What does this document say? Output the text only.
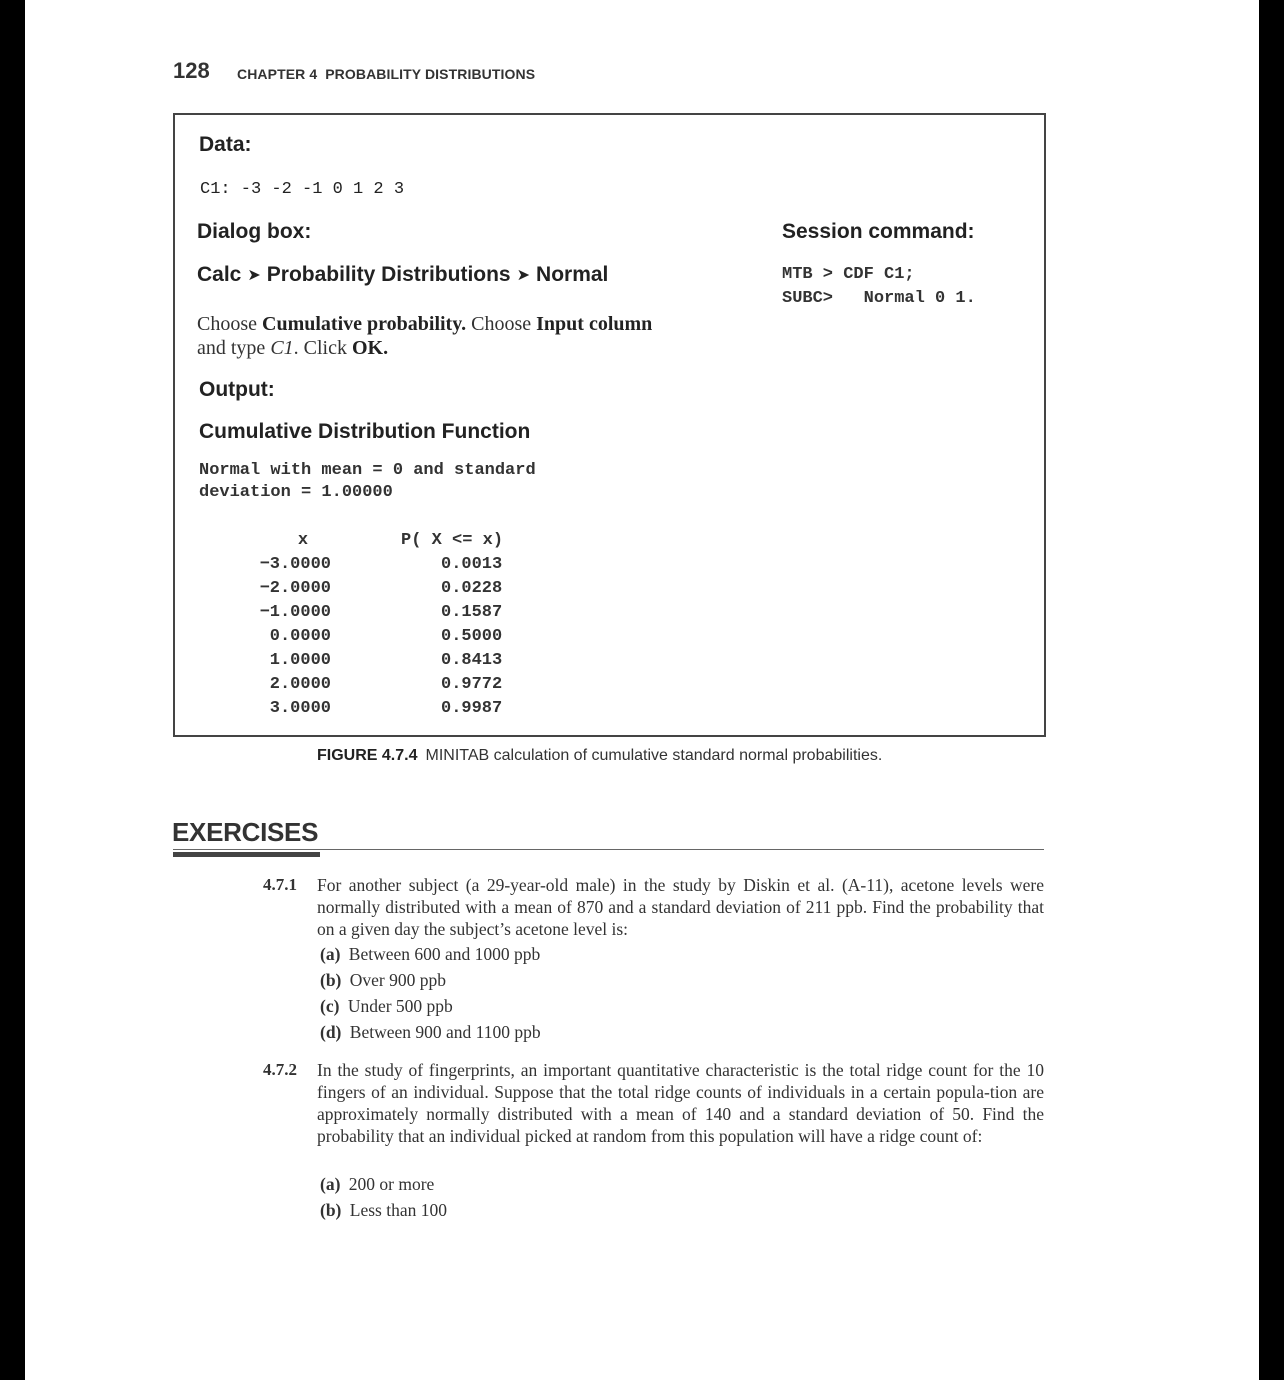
128 CHAPTER 4  PROBABILITY DISTRIBUTIONS
Data:
C1: -3 -2 -1 0 1 2 3
Dialog box:
Calc ➤ Probability Distributions ➤ Normal
Choose Cumulative probability. Choose Input column and type C1. Click OK.
Session command:
MTB > CDF C1;
SUBC>   Normal 0 1.
Output:
Cumulative Distribution Function
Normal with mean = 0 and standard
deviation = 1.00000
x
−3.0000
−2.0000
−1.0000
0.0000
1.0000
2.0000
3.0000
P( X <= x)
0.0013
0.0228
0.1587
0.5000
0.8413
0.9772
0.9987
FIGURE 4.7.4 MINITAB calculation of cumulative standard normal probabilities.
EXERCISES
4.7.1 For another subject (a 29-year-old male) in the study by Diskin et al. (A-11), acetone levels were normally distributed with a mean of 870 and a standard deviation of 211 ppb. Find the probability that on a given day the subject’s acetone level is:
(a) Between 600 and 1000 ppb
(b) Over 900 ppb
(c) Under 500 ppb
(d) Between 900 and 1100 ppb
4.7.2 In the study of fingerprints, an important quantitative characteristic is the total ridge count for the 10 fingers of an individual. Suppose that the total ridge counts of individuals in a certain popula-tion are approximately normally distributed with a mean of 140 and a standard deviation of 50. Find the probability that an individual picked at random from this population will have a ridge count of:
(a) 200 or more
(b) Less than 100
